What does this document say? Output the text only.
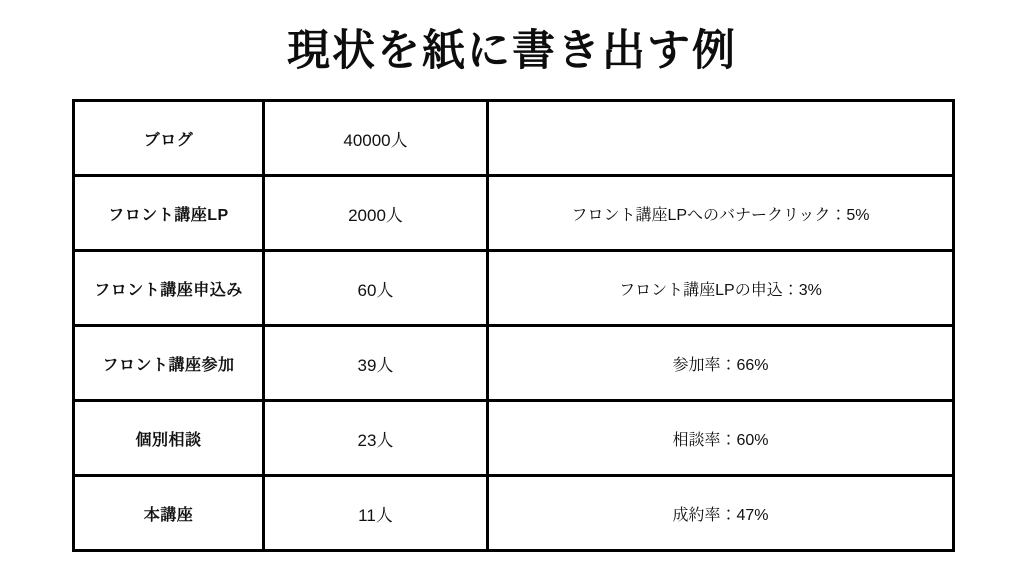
現状を紙に書き出す例
ブログ	40000人	
フロント講座LP	2000人	フロント講座LPへのバナークリック：5%
フロント講座申込み	60人	フロント講座LPの申込：3%
フロント講座参加	39人	参加率：66%
個別相談	23人	相談率：60%
本講座	11人	成約率：47%
